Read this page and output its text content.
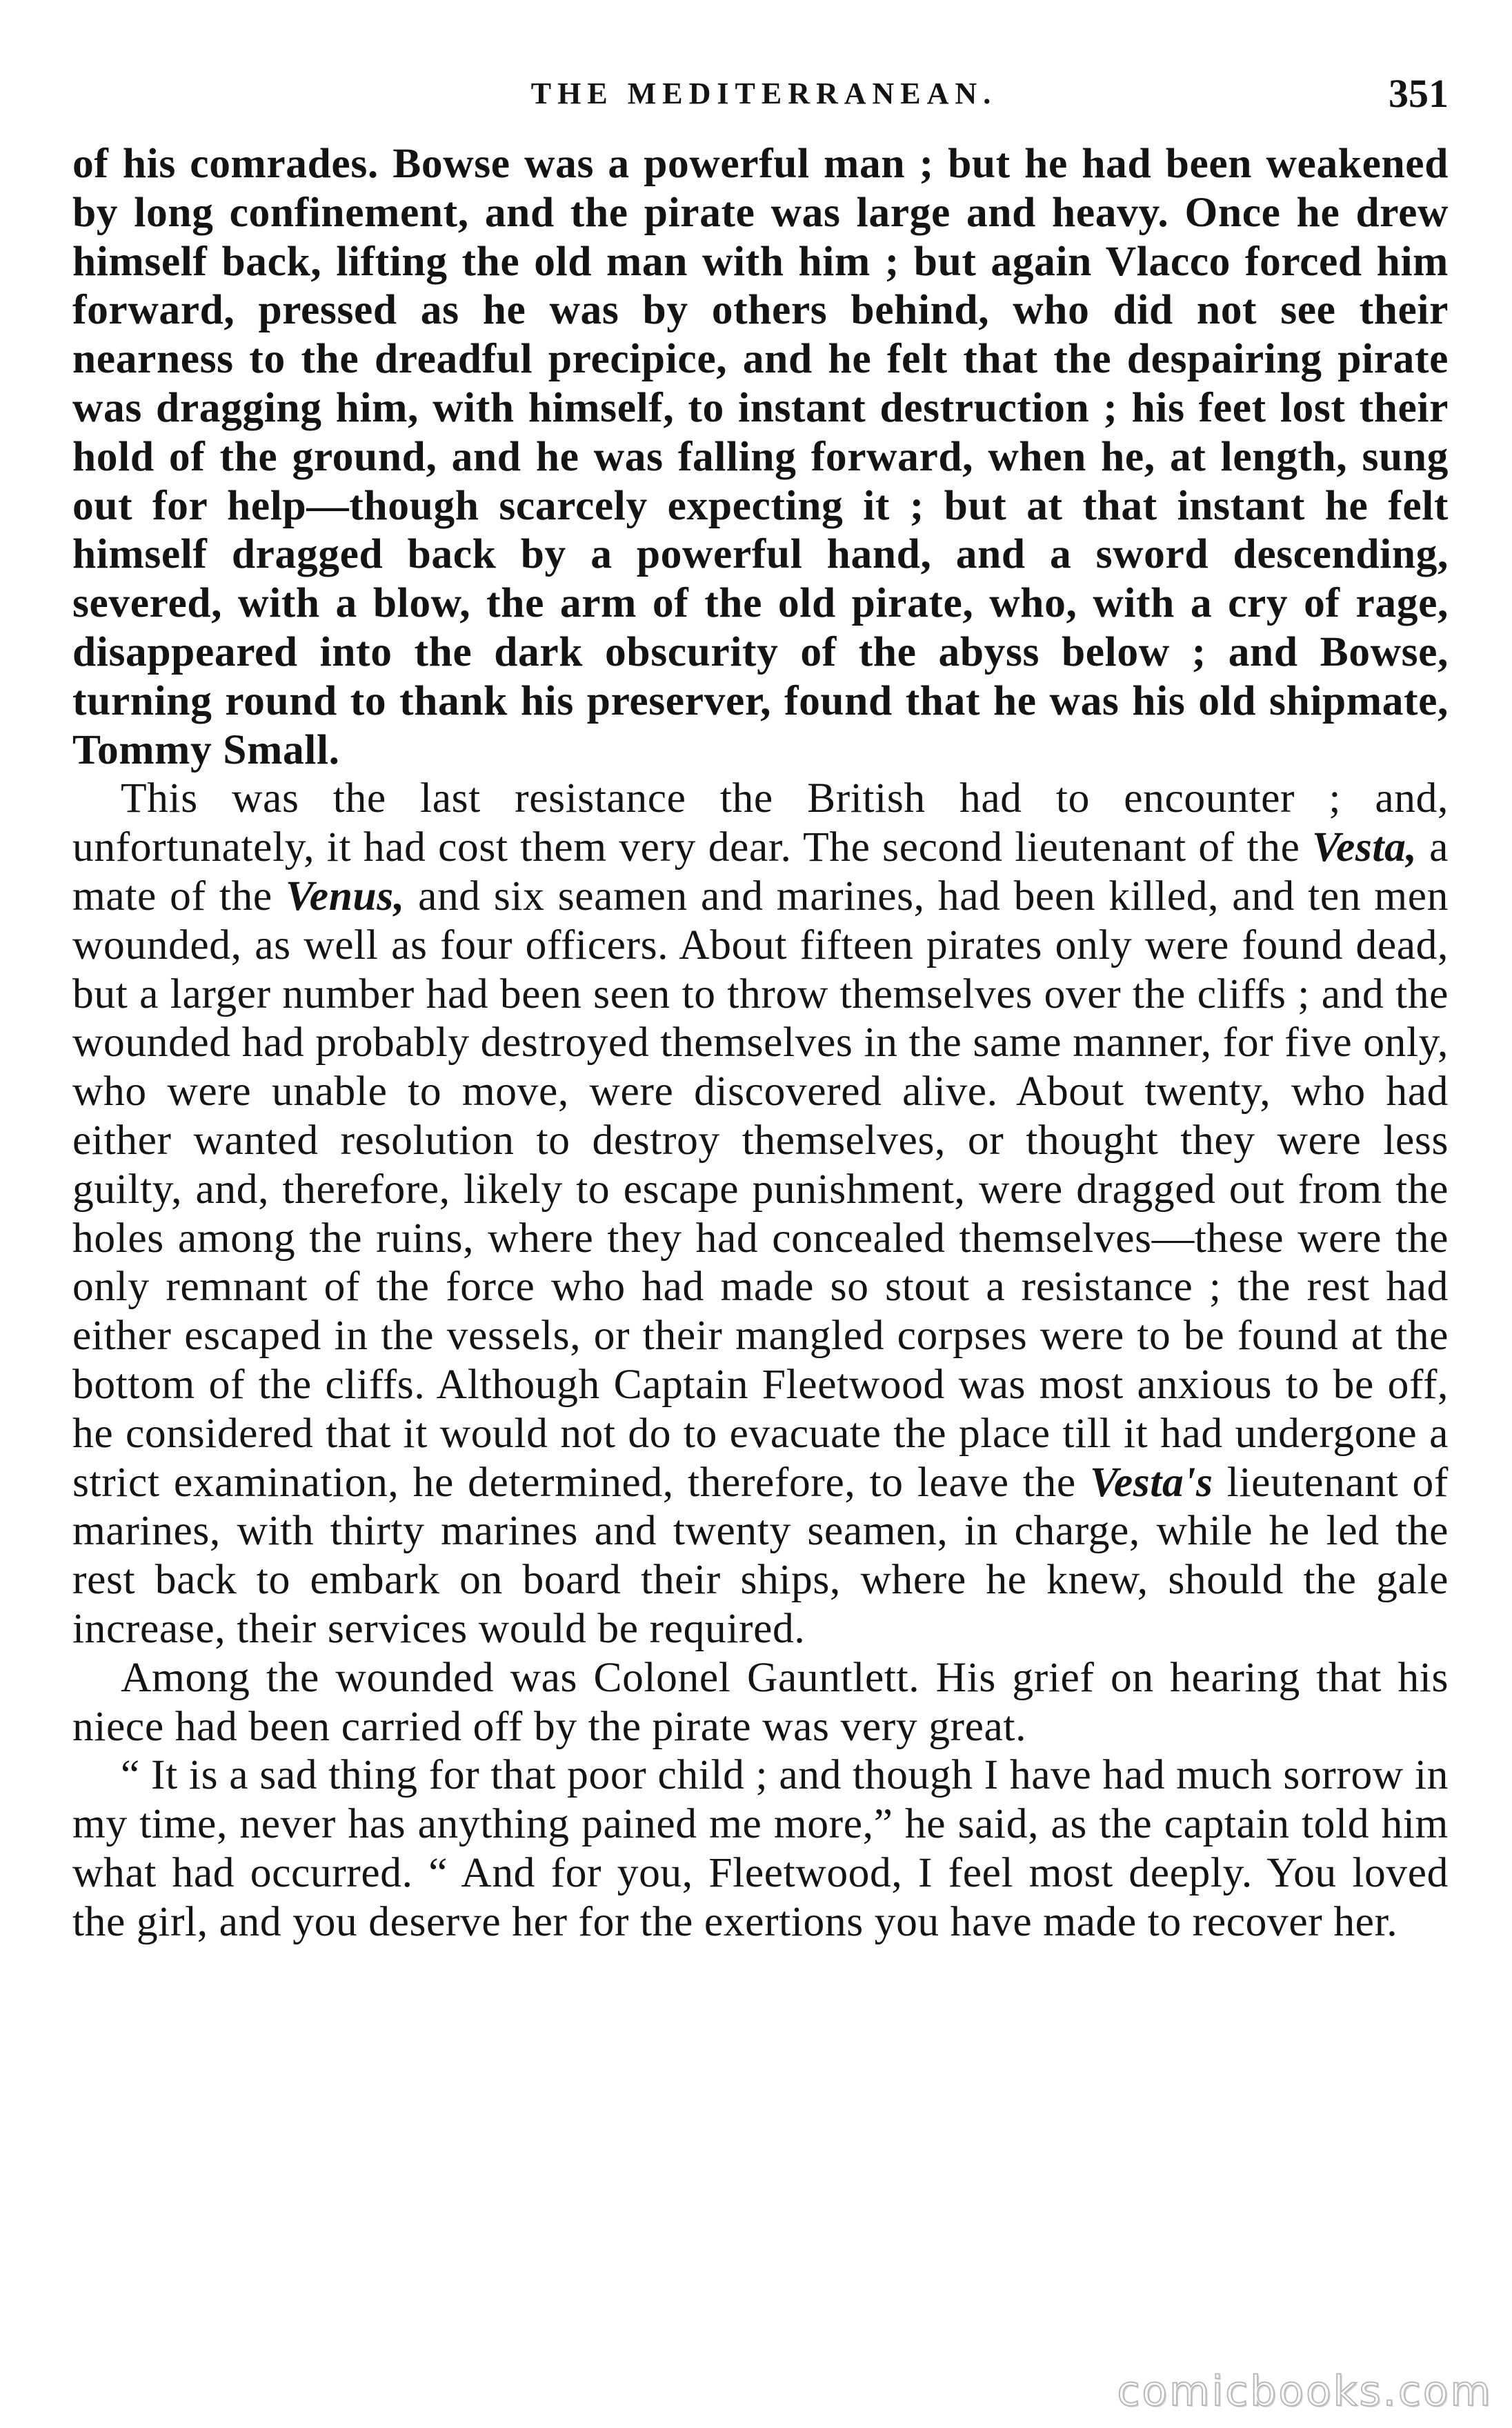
THE MEDITERRANEAN.	351

of his comrades. Bowse was a powerful man ; but he had been weakened by long confinement, and the pirate was large and heavy. Once he drew himself back, lifting the old man with him ; but again Vlacco forced him forward, pressed as he was by others behind, who did not see their nearness to the dreadful precipice, and he felt that the despairing pirate was dragging him, with himself, to instant destruction ; his feet lost their hold of the ground, and he was falling forward, when he, at length, sung out for help—though scarcely expecting it ; but at that instant he felt himself dragged back by a powerful hand, and a sword descending, severed, with a blow, the arm of the old pirate, who, with a cry of rage, disappeared into the dark obscurity of the abyss below ; and Bowse, turning round to thank his preserver, found that he was his old shipmate, Tommy Small.

This was the last resistance the British had to encounter ; and, unfortunately, it had cost them very dear. The second lieutenant of the Vesta, a mate of the Venus, and six seamen and marines, had been killed, and ten men wounded, as well as four officers. About fifteen pirates only were found dead, but a larger number had been seen to throw themselves over the cliffs ; and the wounded had probably destroyed themselves in the same manner, for five only, who were unable to move, were discovered alive. About twenty, who had either wanted resolution to destroy themselves, or thought they were less guilty, and, therefore, likely to escape punishment, were dragged out from the holes among the ruins, where they had concealed themselves—these were the only remnant of the force who had made so stout a resistance ; the rest had either escaped in the vessels, or their mangled corpses were to be found at the bottom of the cliffs. Although Captain Fleetwood was most anxious to be off, he considered that it would not do to evacuate the place till it had undergone a strict examination, he determined, therefore, to leave the Vesta's lieutenant of marines, with thirty marines and twenty seamen, in charge, while he led the rest back to embark on board their ships, where he knew, should the gale increase, their services would be required.

Among the wounded was Colonel Gauntlett. His grief on hearing that his niece had been carried off by the pirate was very great.

“ It is a sad thing for that poor child ; and though I have had much sorrow in my time, never has anything pained me more,” he said, as the captain told him what had occurred. “ And for you, Fleetwood, I feel most deeply. You loved the girl, and you deserve her for the exertions you have made to recover her.

comicbooks.com
